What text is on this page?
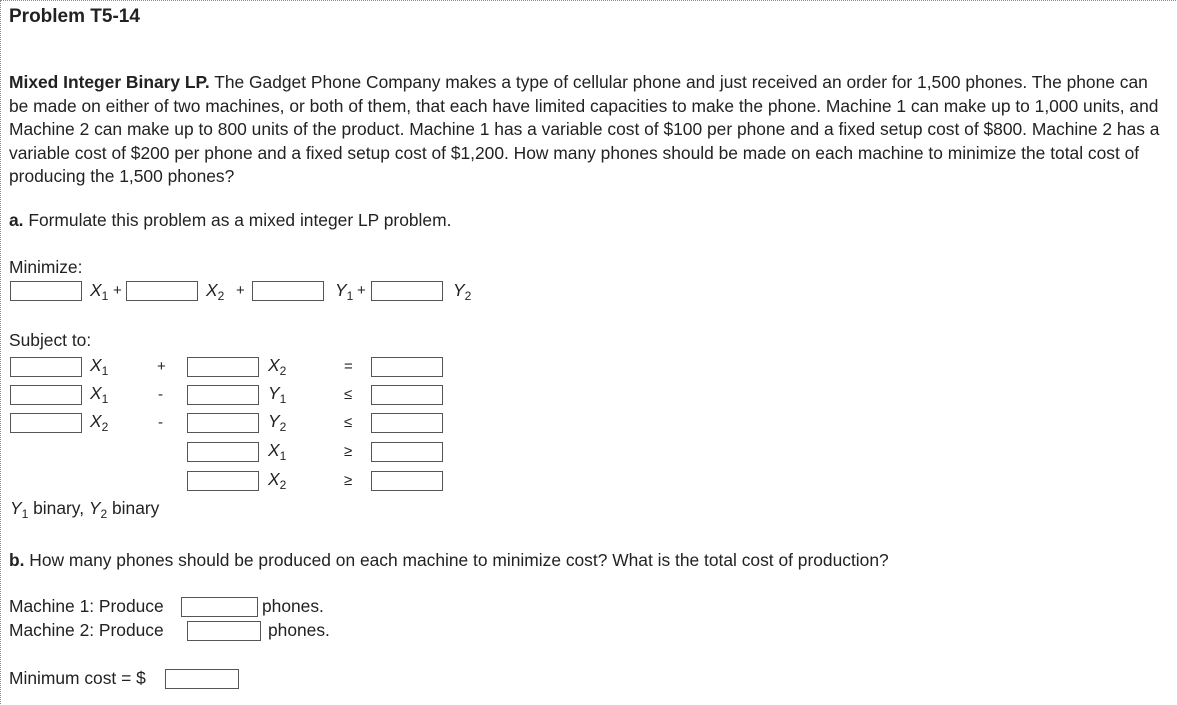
Problem T5-14

Mixed Integer Binary LP. The Gadget Phone Company makes a type of cellular phone and just received an order for 1,500 phones. The phone can be made on either of two machines, or both of them, that each have limited capacities to make the phone. Machine 1 can make up to 1,000 units, and Machine 2 can make up to 800 units of the product. Machine 1 has a variable cost of $100 per phone and a fixed setup cost of $800. Machine 2 has a variable cost of $200 per phone and a fixed setup cost of $1,200. How many phones should be made on each machine to minimize the total cost of producing the 1,500 phones?

a. Formulate this problem as a mixed integer LP problem.
Minimize:
$X_1$ +	$X_2$ +	$Y_1$ +	$Y_2$
Subject to:
$X_1$	+	$X_2$	=
$X_1$	-	$Y_1$	≤
$X_2$	-	$Y_2$	≤
$X_1$	≥
$X_2$	≥
$Y_1$ binary, $Y_2$ binary
b. How many phones should be produced on each machine to minimize cost? What is the total cost of production?
Machine 1: Produce	phones.
Machine 2: Produce	phones.
Minimum cost = $
